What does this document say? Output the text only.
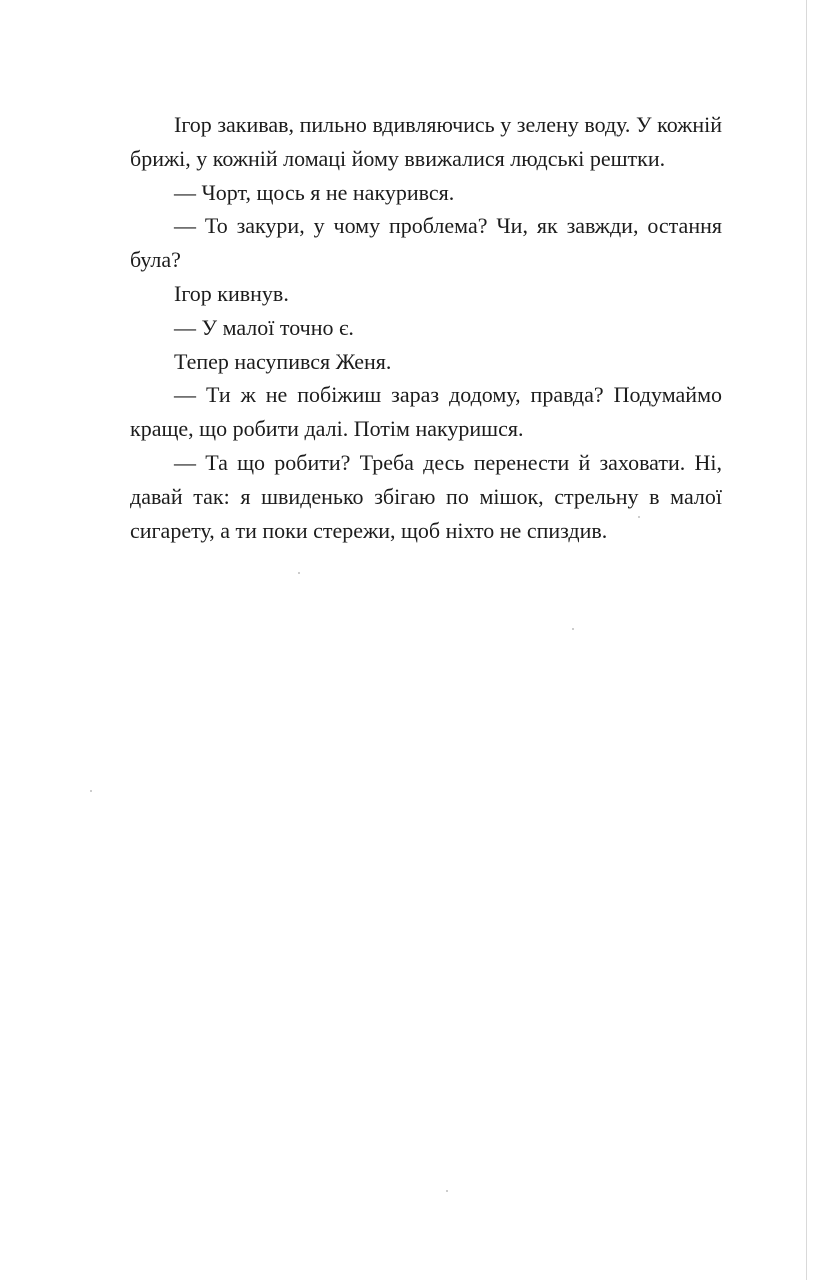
Ігор закивав, пильно вдивляючись у зелену воду. У кожній брижі, у кожній ломаці йому ввижалися людські рештки.

— Чорт, щось я не накурився.

— То закури, у чому проблема? Чи, як завжди, остання була?

Ігор кивнув.

— У малої точно є.

Тепер насупився Женя.

— Ти ж не побіжиш зараз додому, правда? Подумаймо краще, що робити далі. Потім накуришся.

— Та що робити? Треба десь перенести й заховати. Ні, давай так: я швиденько збігаю по мішок, стрельну в малої сигарету, а ти поки стережи, щоб ніхто не спиздив.
